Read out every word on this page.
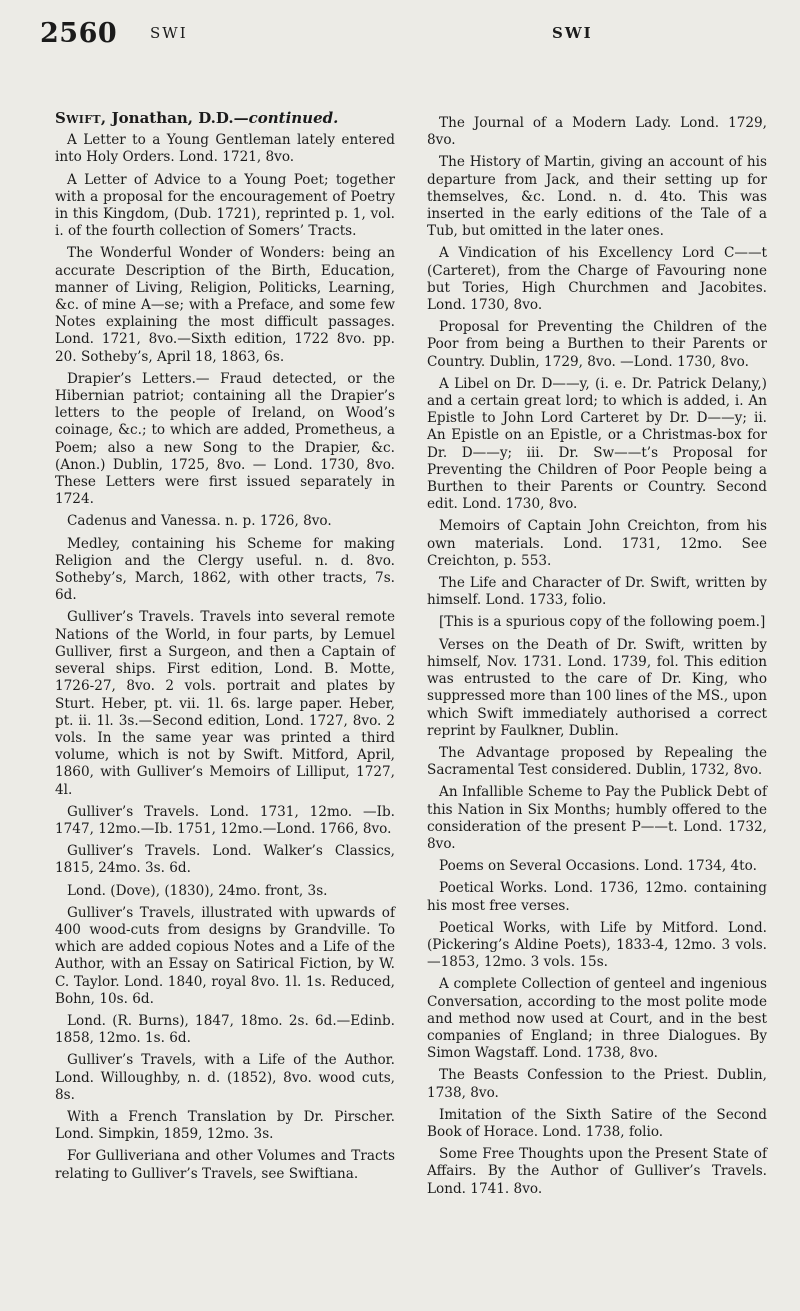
2560 SWI	SWI

Swift, Jonathan, D.D.—continued.

A Letter to a Young Gentleman lately entered into Holy Orders. Lond. 1721, 8vo.

A Letter of Advice to a Young Poet; together with a proposal for the encouragement of Poetry in this Kingdom, (Dub. 1721), reprinted p. 1, vol. i. of the fourth collection of Somers’ Tracts.

The Wonderful Wonder of Wonders: being an accurate Description of the Birth, Education, manner of Living, Religion, Politicks, Learning, &c. of mine A—se; with a Preface, and some few Notes explaining the most difficult passages. Lond. 1721, 8vo.—Sixth edition, 1722 8vo. pp. 20. Sotheby’s, April 18, 1863, 6s.

Drapier’s Letters.— Fraud detected, or the Hibernian patriot; containing all the Drapier’s letters to the people of Ireland, on Wood’s coinage, &c.; to which are added, Prometheus, a Poem; also a new Song to the Drapier, &c. (Anon.) Dublin, 1725, 8vo. — Lond. 1730, 8vo. These Letters were first issued separately in 1724.

Cadenus and Vanessa. n. p. 1726, 8vo.

Medley, containing his Scheme for making Religion and the Clergy useful. n. d. 8vo. Sotheby’s, March, 1862, with other tracts, 7s. 6d.

Gulliver’s Travels. Travels into several remote Nations of the World, in four parts, by Lemuel Gulliver, first a Surgeon, and then a Captain of several ships. First edition, Lond. B. Motte, 1726-27, 8vo. 2 vols. portrait and plates by Sturt. Heber, pt. vii. 1l. 6s. large paper. Heber, pt. ii. 1l. 3s.—Second edition, Lond. 1727, 8vo. 2 vols. In the same year was printed a third volume, which is not by Swift. Mitford, April, 1860, with Gulliver’s Memoirs of Lilliput, 1727, 4l.

Gulliver’s Travels. Lond. 1731, 12mo. —Ib. 1747, 12mo.—Ib. 1751, 12mo.—Lond. 1766, 8vo.

Gulliver’s Travels. Lond. Walker’s Classics, 1815, 24mo. 3s. 6d.

Lond. (Dove), (1830), 24mo. front, 3s.

Gulliver’s Travels, illustrated with upwards of 400 wood-cuts from designs by Grandville. To which are added copious Notes and a Life of the Author, with an Essay on Satirical Fiction, by W. C. Taylor. Lond. 1840, royal 8vo. 1l. 1s. Reduced, Bohn, 10s. 6d.

Lond. (R. Burns), 1847, 18mo. 2s. 6d.—Edinb. 1858, 12mo. 1s. 6d.

Gulliver’s Travels, with a Life of the Author. Lond. Willoughby, n. d. (1852), 8vo. wood cuts, 8s.

With a French Translation by Dr. Pirscher. Lond. Simpkin, 1859, 12mo. 3s.

For Gulliveriana and other Volumes and Tracts relating to Gulliver’s Travels, see Swiftiana.

The Journal of a Modern Lady. Lond. 1729, 8vo.

The History of Martin, giving an account of his departure from Jack, and their setting up for themselves, &c. Lond. n. d. 4to. This was inserted in the early editions of the Tale of a Tub, but omitted in the later ones.

A Vindication of his Excellency Lord C——t (Carteret), from the Charge of Favouring none but Tories, High Churchmen and Jacobites. Lond. 1730, 8vo.

Proposal for Preventing the Children of the Poor from being a Burthen to their Parents or Country. Dublin, 1729, 8vo. —Lond. 1730, 8vo.

A Libel on Dr. D——y, (i. e. Dr. Patrick Delany,) and a certain great lord; to which is added, i. An Epistle to John Lord Carteret by Dr. D——y; ii. An Epistle on an Epistle, or a Christmas-box for Dr. D——y; iii. Dr. Sw——t’s Proposal for Preventing the Children of Poor People being a Burthen to their Parents or Country. Second edit. Lond. 1730, 8vo.

Memoirs of Captain John Creichton, from his own materials. Lond. 1731, 12mo. See Creichton, p. 553.

The Life and Character of Dr. Swift, written by himself. Lond. 1733, folio.

[This is a spurious copy of the following poem.]

Verses on the Death of Dr. Swift, written by himself, Nov. 1731. Lond. 1739, fol. This edition was entrusted to the care of Dr. King, who suppressed more than 100 lines of the MS., upon which Swift immediately authorised a correct reprint by Faulkner, Dublin.

The Advantage proposed by Repealing the Sacramental Test considered. Dublin, 1732, 8vo.

An Infallible Scheme to Pay the Publick Debt of this Nation in Six Months; humbly offered to the consideration of the present P——t. Lond. 1732, 8vo.

Poems on Several Occasions. Lond. 1734, 4to.

Poetical Works. Lond. 1736, 12mo. containing his most free verses.

Poetical Works, with Life by Mitford. Lond. (Pickering’s Aldine Poets), 1833-4, 12mo. 3 vols.—1853, 12mo. 3 vols. 15s.

A complete Collection of genteel and ingenious Conversation, according to the most polite mode and method now used at Court, and in the best companies of England; in three Dialogues. By Simon Wagstaff. Lond. 1738, 8vo.

The Beasts Confession to the Priest. Dublin, 1738, 8vo.

Imitation of the Sixth Satire of the Second Book of Horace. Lond. 1738, folio.

Some Free Thoughts upon the Present State of Affairs. By the Author of Gulliver’s Travels. Lond. 1741. 8vo.
